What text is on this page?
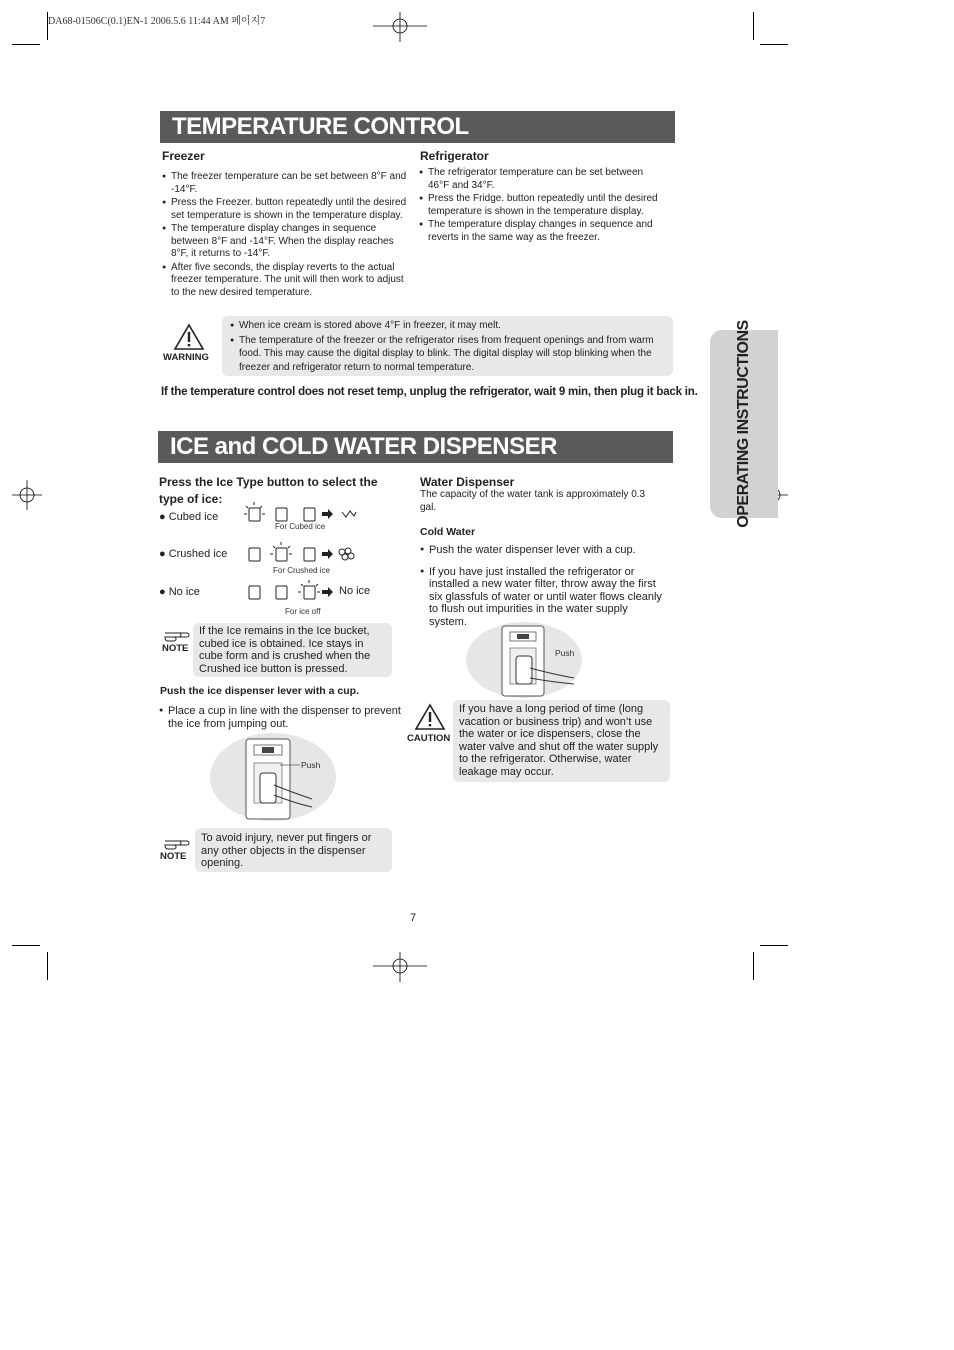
DA68-01506C(0.1)EN-1 2006.5.6 11:44 AM 페이지7
OPERATING INSTRUCTIONS
TEMPERATURE CONTROL
Freezer
● The freezer temperature can be set between 8°F and -14°F.
● Press the Freezer. button repeatedly until the desired set temperature is shown in the temperature display.
● The temperature display changes in sequence between 8°F and -14°F. When the display reaches 8°F, it returns to -14°F.
● After five seconds, the display reverts to the actual freezer temperature. The unit will then work to adjust to the new desired temperature.
Refrigerator
● The refrigerator temperature can be set between 46°F and 34°F.
● Press the Fridge. button repeatedly until the desired temperature is shown in the temperature display.
● The temperature display changes in sequence and reverts in the same way as the freezer.
WARNING
● When ice cream is stored above 4°F in freezer, it may melt.
● The temperature of the freezer or the refrigerator rises from frequent openings and from warm food. This may cause the digital display to blink. The digital display will stop blinking when the freezer and refrigerator return to normal temperature.
If the temperature control does not reset temp, unplug the refrigerator, wait 9 min, then plug it back in.
ICE and COLD WATER DISPENSER
Press the Ice Type button to select the type of ice:
● Cubed ice
● Crushed ice
● No ice
For Cubed ice
For Crushed ice
No ice
For ice off
NOTE
If the Ice remains in the Ice bucket, cubed ice is obtained. Ice stays in cube form and is crushed when the Crushed ice button is pressed.
Push the ice dispenser lever with a cup.
● Place a cup in line with the dispenser to prevent the ice from jumping out.
Push
NOTE
To avoid injury, never put fingers or any other objects in the dispenser opening.
Water Dispenser
The capacity of the water tank is approximately 0.3 gal.
Cold Water
● Push the water dispenser lever with a cup.
● If you have just installed the refrigerator or installed a new water filter, throw away the first six glassfuls of water or until water flows cleanly to flush out impurities in the water supply system.
Push
CAUTION
If you have a long period of time (long vacation or business trip) and won’t use the water or ice dispensers, close the water valve and shut off the water supply to the refrigerator. Otherwise, water leakage may occur.
7
